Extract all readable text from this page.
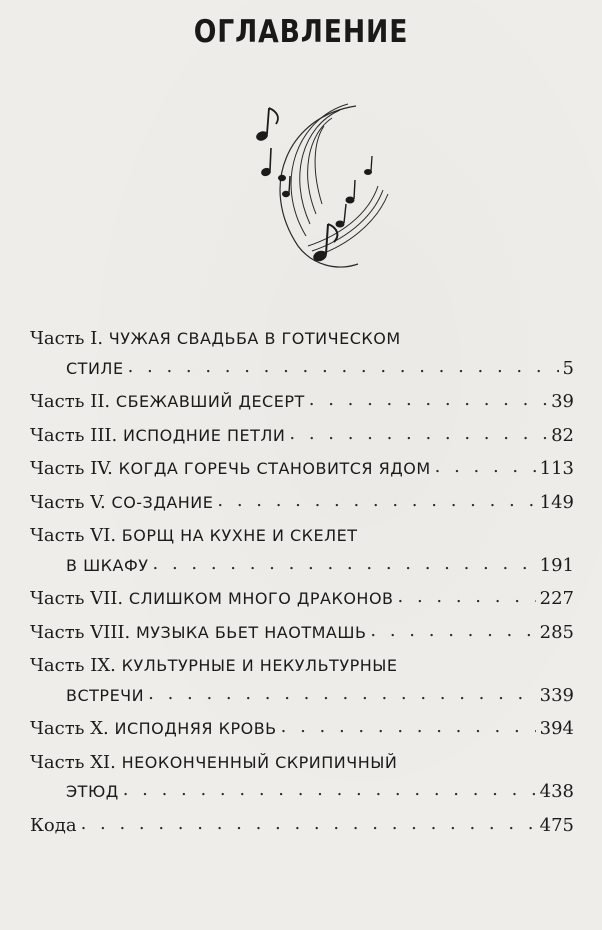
ОГЛАВЛЕНИЕ
Часть I. ЧУЖАЯ СВАДЬБА В ГОТИЧЕСКОМ
СТИЛЕ . . .	5
Часть II. СБЕЖАВШИЙ ДЕСЕРТ . . .	39
Часть III. ИСПОДНИЕ ПЕТЛИ . . .	82
Часть IV. КОГДА ГОРЕЧЬ СТАНОВИТСЯ ЯДОМ . . .	113
Часть V. СО-ЗДАНИЕ . . .	149
Часть VI. БОРЩ НА КУХНЕ И СКЕЛЕТ
В ШКАФУ . . .	191
Часть VII. СЛИШКОМ МНОГО ДРАКОНОВ . . .	227
Часть VIII. МУЗЫКА БЬЕТ НАОТМАШЬ . . .	285
Часть IX. КУЛЬТУРНЫЕ И НЕКУЛЬТУРНЫЕ
ВСТРЕЧИ . . .	339
Часть X. ИСПОДНЯЯ КРОВЬ . . .	394
Часть XI. НЕОКОНЧЕННЫЙ СКРИПИЧНЫЙ
ЭТЮД . . .	438
Кода . . .	475
